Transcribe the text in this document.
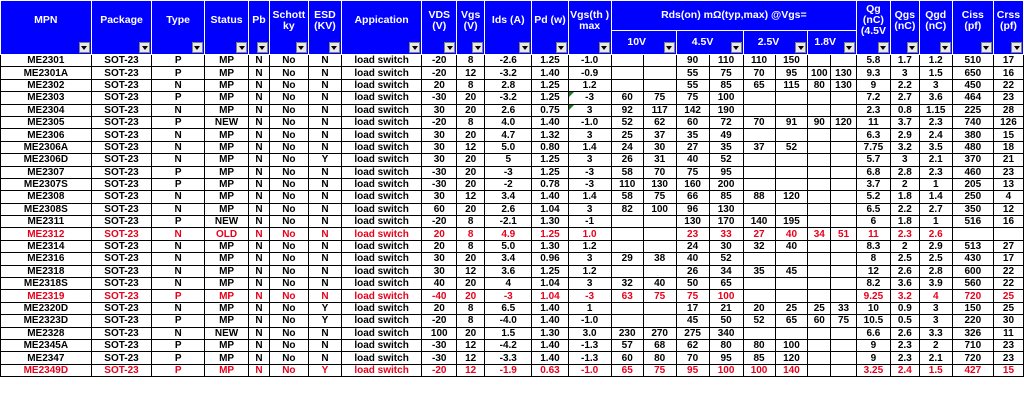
MPN	Package	Type	Status	Pb	Schott ky	ESD (KV)	Appication	VDS (V)	Vgs (V)	Ids (A)	Pd (w)	Vgs(th ) max	Rds(on) mΩ(typ,max) @Vgs=								Qg (nC) (4.5V	Qgs (nC)	Qgd (nC)	Ciss (pf)	Crss (pf)

													10V		4.5V		2.5V		1.8V						

ME2301	SOT-23	P	MP	N	No	N	load switch	-20	8	-2.6	1.25	-1.0			90	110	110	150			5.8	1.7	1.2	510	17
ME2301A	SOT-23	P	MP	N	No	N	load switch	-20	12	-3.2	1.40	-0.9			55	75	70	95	100	130	9.3	3	1.5	650	16
ME2302	SOT-23	N	MP	N	No	N	load switch	20	8	2.8	1.25	1.2			55	85	65	115	80	130	9	2.2	3	450	22
ME2303	SOT-23	P	MP	N	No	N	load switch	-30	20	-3.2	1.25	-3	60	75	75	100					7.2	2.7	3.6	464	23
ME2304	SOT-23	N	MP	N	No	N	load switch	30	20	2.6	0.75	3	92	117	142	190					2.3	0.8	1.15	225	28
ME2305	SOT-23	P	NEW	N	No	N	load switch	-20	8	4.0	1.40	-1.0	52	62	60	72	70	91	90	120	11	3.7	2.3	740	126
ME2306	SOT-23	N	MP	N	No	N	load switch	30	20	4.7	1.32	3	25	37	35	49					6.3	2.9	2.4	380	15
ME2306A	SOT-23	N	MP	N	No	N	load switch	30	12	5.0	0.80	1.4	24	30	27	35	37	52			7.75	3.2	3.5	480	18
ME2306D	SOT-23	N	MP	N	No	Y	load switch	30	20	5	1.25	3	26	31	40	52					5.7	3	2.1	370	21
ME2307	SOT-23	P	MP	N	No	N	load switch	-30	20	-3	1.25	-3	58	70	75	95					6.8	2.8	2.3	460	23
ME2307S	SOT-23	P	MP	N	No	N	load switch	-30	20	-2	0.78	-3	110	130	160	200					3.7	2	1	205	13
ME2308	SOT-23	N	MP	N	No	N	load switch	30	12	3.4	1.40	1.4	58	75	66	85	88	120			5.2	1.8	1.4	250	4
ME2308S	SOT-23	N	MP	N	No	N	load switch	60	20	2.6	1.04	3	82	100	96	130					6.5	2.2	2.7	350	12
ME2311	SOT-23	P	NEW	N	No	N	load switch	-20	8	-2.1	1.30	-1			130	170	140	195			6	1.8	1	516	16
ME2312	SOT-23	N	OLD	N	No	N	load switch	20	8	4.9	1.25	1.0			23	33	27	40	34	51	11	2.3	2.6		
ME2314	SOT-23	N	MP	N	No	N	load switch	20	8	5.0	1.30	1.2			24	30	32	40			8.3	2	2.9	513	27
ME2316	SOT-23	N	MP	N	No	N	load switch	30	20	3.4	0.96	3	29	38	40	52					8	2.5	2.5	430	17
ME2318	SOT-23	N	MP	N	No	N	load switch	30	12	3.6	1.25	1.2			26	34	35	45			12	2.6	2.8	600	22
ME2318S	SOT-23	N	MP	N	No	N	load switch	40	20	4	1.04	3	32	40	50	65					8.2	3.6	3.9	560	22
ME2319	SOT-23	P	MP	N	No	N	load switch	-40	20	-3	1.04	-3	63	75	75	100					9.25	3.2	4	720	25
ME2320D	SOT-23	N	MP	N	No	Y	load switch	20	8	6.5	1.40	1			17	21	20	25	25	33	10	0.9	3	150	25
ME2323D	SOT-23	P	MP	N	No	Y	load switch	-20	8	-4.0	1.40	-1.0			45	50	52	65	60	75	10.5	0.5	3	220	30
ME2328	SOT-23	N	NEW	N	No	N	load switch	100	20	1.5	1.30	3.0	230	270	275	340					6.6	2.6	3.3	326	11
ME2345A	SOT-23	P	MP	N	No	N	load switch	-30	12	-4.2	1.40	-1.3	57	68	62	80	80	100			9	2.3	2	710	23
ME2347	SOT-23	P	MP	N	No	N	load switch	-30	12	-3.3	1.40	-1.3	60	80	70	95	85	120			9	2.3	2.1	720	23
ME2349D	SOT-23	P	MP	N	No	Y	load switch	-20	12	-1.9	0.63	-1.0	65	75	95	100	100	140			3.25	2.4	1.5	427	15
